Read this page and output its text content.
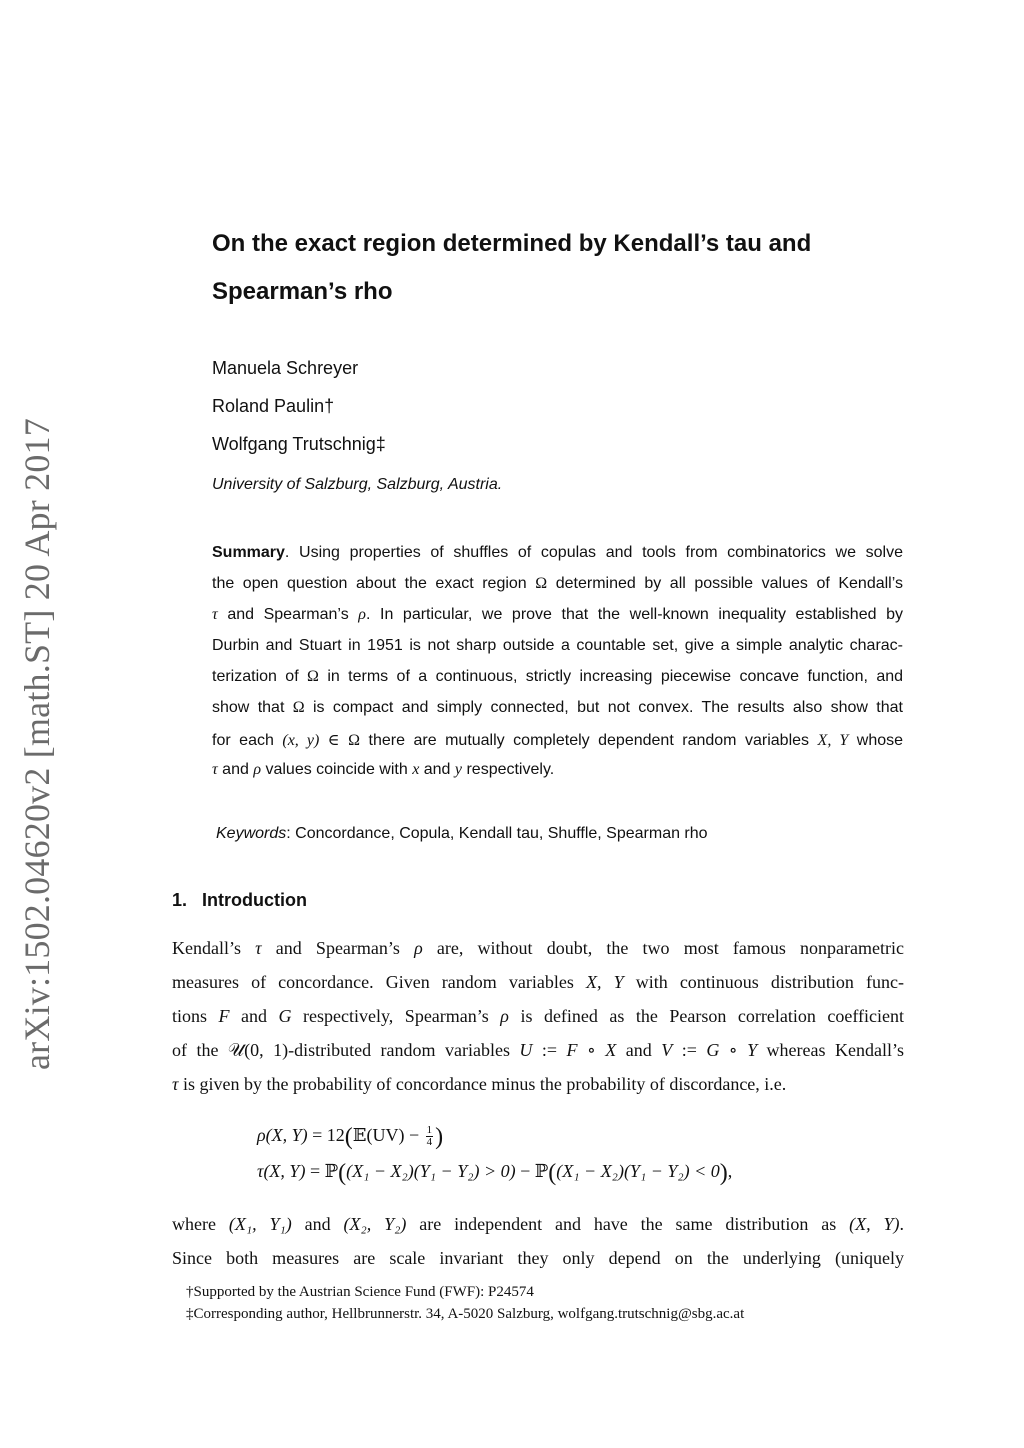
arXiv:1502.04620v2 [math.ST] 20 Apr 2017
On the exact region determined by Kendall’s tau and
Spearman’s rho
Manuela Schreyer
Roland Paulin†
Wolfgang Trutschnig‡
University of Salzburg, Salzburg, Austria.
Summary. Using properties of shuffles of copulas and tools from combinatorics we solve
the open question about the exact region Ω determined by all possible values of Kendall’s
τ and Spearman’s ρ. In particular, we prove that the well-known inequality established by
Durbin and Stuart in 1951 is not sharp outside a countable set, give a simple analytic charac-
terization of Ω in terms of a continuous, strictly increasing piecewise concave function, and
show that Ω is compact and simply connected, but not convex. The results also show that
for each (x, y) ∈ Ω there are mutually completely dependent random variables X, Y whose
τ and ρ values coincide with x and y respectively.
Keywords: Concordance, Copula, Kendall tau, Shuffle, Spearman rho
1. Introduction
Kendall’s τ and Spearman’s ρ are, without doubt, the two most famous nonparametric
measures of concordance. Given random variables X, Y with continuous distribution func-
tions F and G respectively, Spearman’s ρ is defined as the Pearson correlation coefficient
of the 𝒰(0, 1)-distributed random variables U := F ∘ X and V := G ∘ Y whereas Kendall’s
τ is given by the probability of concordance minus the probability of discordance, i.e.
ρ(X, Y) = 12(𝔼(UV) − $\frac{1}{4}$ )
τ(X, Y) = ℙ((X₁ − X₂)(Y₁ − Y₂) > 0) − ℙ((X₁ − X₂)(Y₁ − Y₂) < 0),
where (X₁, Y₁) and (X₂, Y₂) are independent and have the same distribution as (X, Y).
Since both measures are scale invariant they only depend on the underlying (uniquely
†Supported by the Austrian Science Fund (FWF): P24574
‡Corresponding author, Hellbrunnerstr. 34, A-5020 Salzburg, wolfgang.trutschnig@sbg.ac.at
